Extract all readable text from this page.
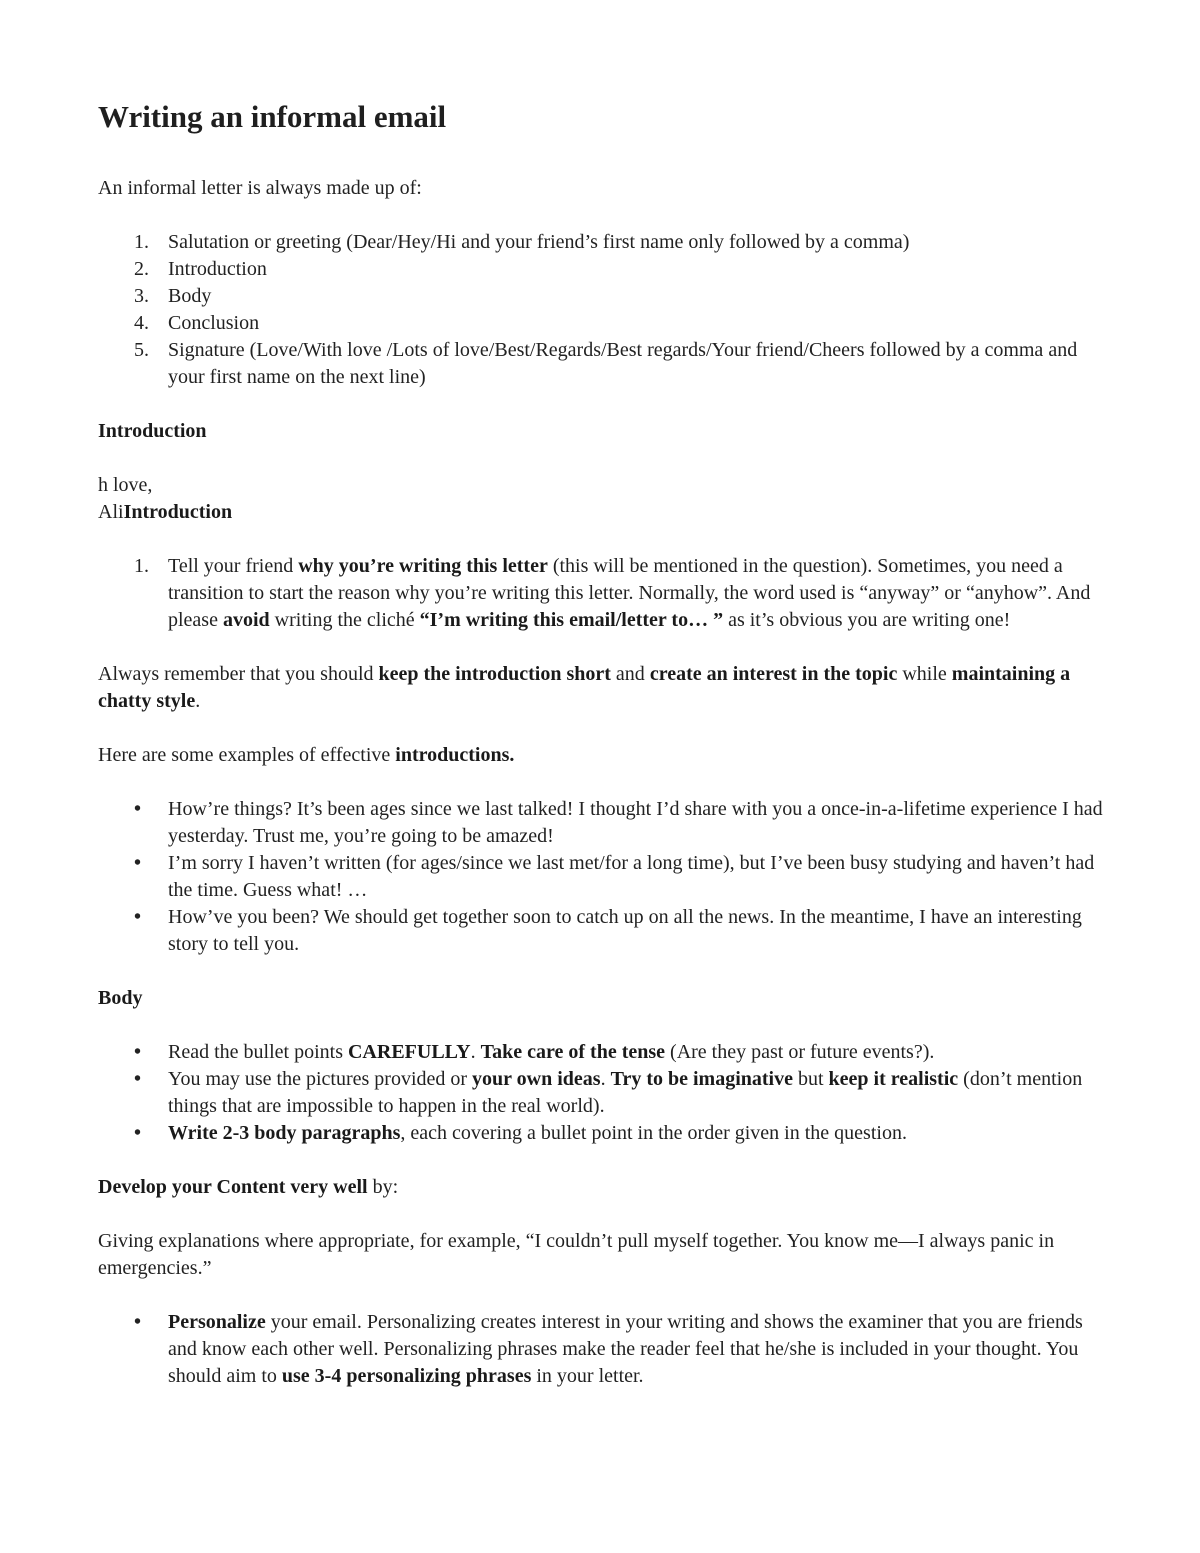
Writing an informal email

An informal letter is always made up of:

1. Salutation or greeting (Dear/Hey/Hi and your friend’s first name only followed by a comma)
2. Introduction
3. Body
4. Conclusion
5. Signature (Love/With love /Lots of love/Best/Regards/Best regards/Your friend/Cheers followed by a comma and your first name on the next line)

Introduction

h love,

AliIntroduction

1. Tell your friend why you’re writing this letter (this will be mentioned in the question). Sometimes, you need a transition to start the reason why you’re writing this letter. Normally, the word used is “anyway” or “anyhow”. And please avoid writing the cliché “I’m writing this email/letter to… ” as it’s obvious you are writing one!

Always remember that you should keep the introduction short and create an interest in the topic while maintaining a chatty style.

Here are some examples of effective introductions.

• How’re things? It’s been ages since we last talked! I thought I’d share with you a once-in-a-lifetime experience I had yesterday. Trust me, you’re going to be amazed!
• I’m sorry I haven’t written (for ages/since we last met/for a long time), but I’ve been busy studying and haven’t had the time. Guess what! …
• How’ve you been? We should get together soon to catch up on all the news. In the meantime, I have an interesting story to tell you.

Body

• Read the bullet points CAREFULLY. Take care of the tense (Are they past or future events?).
• You may use the pictures provided or your own ideas. Try to be imaginative but keep it realistic (don’t mention things that are impossible to happen in the real world).
• Write 2-3 body paragraphs, each covering a bullet point in the order given in the question.

Develop your Content very well by:

Giving explanations where appropriate, for example, “I couldn’t pull myself together. You know me—I always panic in emergencies.”

• Personalize your email. Personalizing creates interest in your writing and shows the examiner that you are friends and know each other well. Personalizing phrases make the reader feel that he/she is included in your thought. You should aim to use 3-4 personalizing phrases in your letter.
